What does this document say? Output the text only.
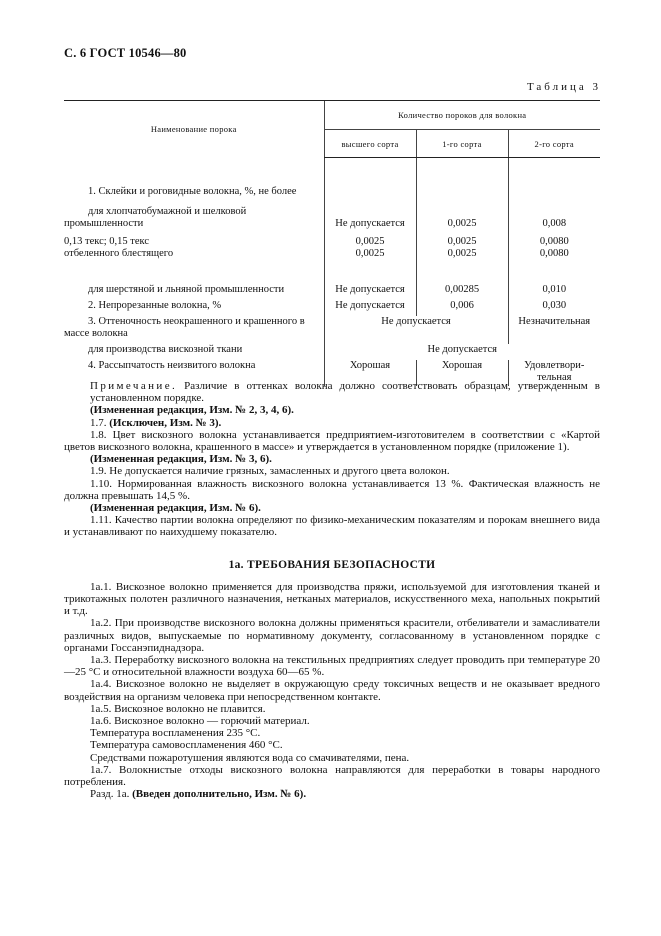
С. 6 ГОСТ 10546—80
Таблица 3
Наименование порока	Количество пороков для волокна		
	высшего сорта	1-го сорта	2-го сорта

1. Склейки и роговидные волокна, %, не более			
для хлопчатобумажной и шелковой промышленности	Не допускается	0,0025	0,008
0,13 текс; 0,15 текс	0,0025	0,0025	0,0080
отбеленного блестящего	0,0025	0,0025	0,0080
для шерстяной и льняной промышленности	Не допускается	0,00285	0,010
2. Непрорезанные волокна, %	Не допускается	0,006	0,030
3. Оттеночность неокрашенного и крашенного в массе волокна	Не допускается		Незначительная
для производства вискозной ткани	Не допускается		
4. Рассыпчатость неизвитого волокна	Хорошая	Хорошая	Удовлетвори-тельная

Примечание. Различие в оттенках волокна должно соответствовать образцам, утвержденным в установленном порядке.

(Измененная редакция, Изм. № 2, 3, 4, 6).

1.7. (Исключен, Изм. № 3).

1.8. Цвет вискозного волокна устанавливается предприятием-изготовителем в соответствии с «Картой цветов вискозного волокна, крашенного в массе» и утверждается в установленном порядке (приложение 1).

(Измененная редакция, Изм. № 3, 6).

1.9. Не допускается наличие грязных, замасленных и другого цвета волокон.

1.10. Нормированная влажность вискозного волокна устанавливается 13 %. Фактическая влажность не должна превышать 14,5 %.

(Измененная редакция, Изм. № 6).

1.11. Качество партии волокна определяют по физико-механическим показателям и порокам внешнего вида и устанавливают по наихудшему показателю.

1а. ТРЕБОВАНИЯ БЕЗОПАСНОСТИ

1а.1. Вискозное волокно применяется для производства пряжи, используемой для изготовления тканей и трикотажных полотен различного назначения, нетканых материалов, искусственного меха, напольных покрытий и т.д.

1а.2. При производстве вискозного волокна должны применяться красители, отбеливатели и замасливатели различных видов, выпускаемые по нормативному документу, согласованному в установленном порядке с органами Госсанэпиднадзора.

1а.3. Переработку вискозного волокна на текстильных предприятиях следует проводить при температуре 20—25 °С и относительной влажности воздуха 60—65 %.

1а.4. Вискозное волокно не выделяет в окружающую среду токсичных веществ и не оказывает вредного воздействия на организм человека при непосредственном контакте.

1а.5. Вискозное волокно не плавится.

1а.6. Вискозное волокно — горючий материал.

Температура воспламенения 235 °С.

Температура самовоспламенения 460 °С.

Средствами пожаротушения являются вода со смачивателями, пена.

1а.7. Волокнистые отходы вискозного волокна направляются для переработки в товары народного потребления.

Разд. 1а. (Введен дополнительно, Изм. № 6).
